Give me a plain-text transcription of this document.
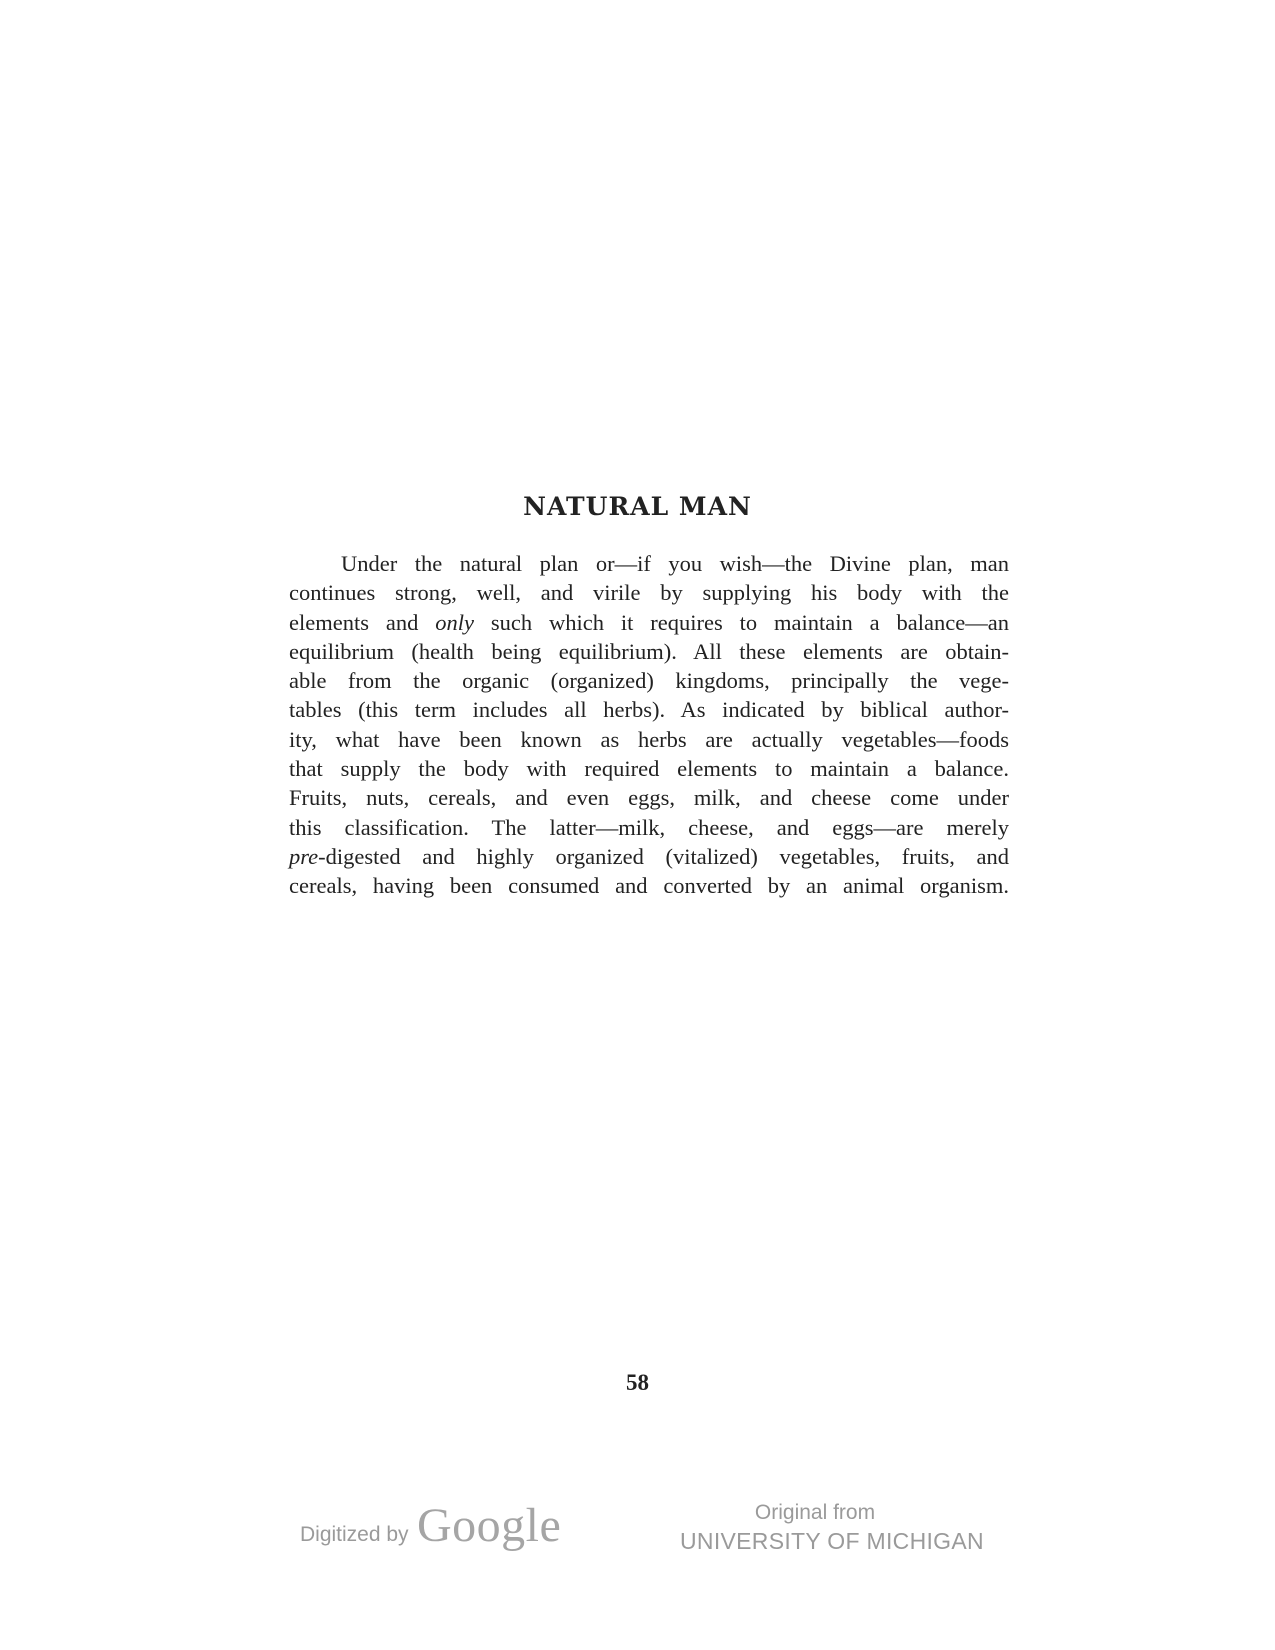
NATURAL MAN
Under the natural plan or—if you wish—the Divine plan, man
continues strong, well, and virile by supplying his body with the
elements and only such which it requires to maintain a balance—an
equilibrium (health being equilibrium). All these elements are obtain-
able from the organic (organized) kingdoms, principally the vege-
tables (this term includes all herbs). As indicated by biblical author-
ity, what have been known as herbs are actually vegetables—foods
that supply the body with required elements to maintain a balance.
Fruits, nuts, cereals, and even eggs, milk, and cheese come under
this classification. The latter—milk, cheese, and eggs—are merely
pre-digested and highly organized (vitalized) vegetables, fruits, and
cereals, having been consumed and converted by an animal organism.
58
Digitized by Google	Original from
UNIVERSITY OF MICHIGAN
